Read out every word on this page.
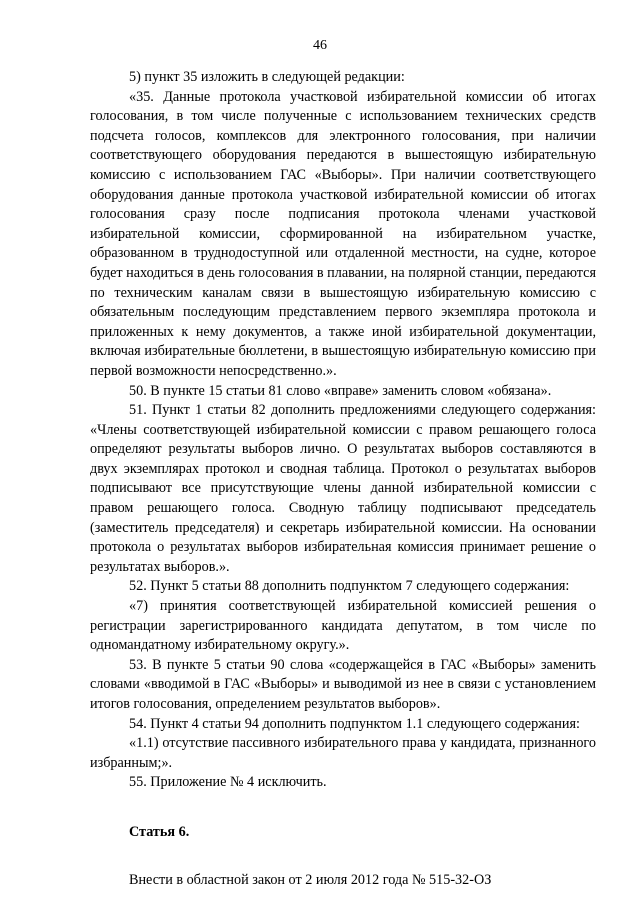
46

5) пункт 35 изложить в следующей редакции:

«35. Данные протокола участковой избирательной комиссии об итогах голосования, в том числе полученные с использованием технических средств подсчета голосов, комплексов для электронного голосования, при наличии соответствующего оборудования передаются в вышестоящую избирательную комиссию с использованием ГАС «Выборы». При наличии соответствующего оборудования данные протокола участковой избирательной комиссии об итогах голосования сразу после подписания протокола членами участковой избирательной комиссии, сформированной на избирательном участке, образованном в труднодоступной или отдаленной местности, на судне, которое будет находиться в день голосования в плавании, на полярной станции, передаются по техническим каналам связи в вышестоящую избирательную комиссию с обязательным последующим представлением первого экземпляра протокола и приложенных к нему документов, а также иной избирательной документации, включая избирательные бюллетени, в вышестоящую избирательную комиссию при первой возможности непосредственно.».

50. В пункте 15 статьи 81 слово «вправе» заменить словом «обязана».

51. Пункт 1 статьи 82 дополнить предложениями следующего содержания: «Члены соответствующей избирательной комиссии с правом решающего голоса определяют результаты выборов лично. О результатах выборов составляются в двух экземплярах протокол и сводная таблица. Протокол о результатах выборов подписывают все присутствующие члены данной избирательной комиссии с правом решающего голоса. Сводную таблицу подписывают председатель (заместитель председателя) и секретарь избирательной комиссии. На основании протокола о результатах выборов избирательная комиссия принимает решение о результатах выборов.».

52. Пункт 5 статьи 88 дополнить подпунктом 7 следующего содержания:

«7) принятия соответствующей избирательной комиссией решения о регистрации зарегистрированного кандидата депутатом, в том числе по одномандатному избирательному округу.».

53. В пункте 5 статьи 90 слова «содержащейся в ГАС «Выборы» заменить словами «вводимой в ГАС «Выборы» и выводимой из нее в связи с установлением итогов голосования, определением результатов выборов».

54. Пункт 4 статьи 94 дополнить подпунктом 1.1 следующего содержания:

«1.1) отсутствие пассивного избирательного права у кандидата, признанного избранным;».

55. Приложение № 4 исключить.

Статья 6.

Внести в областной закон от 2 июля 2012 года № 515-32-ОЗ
